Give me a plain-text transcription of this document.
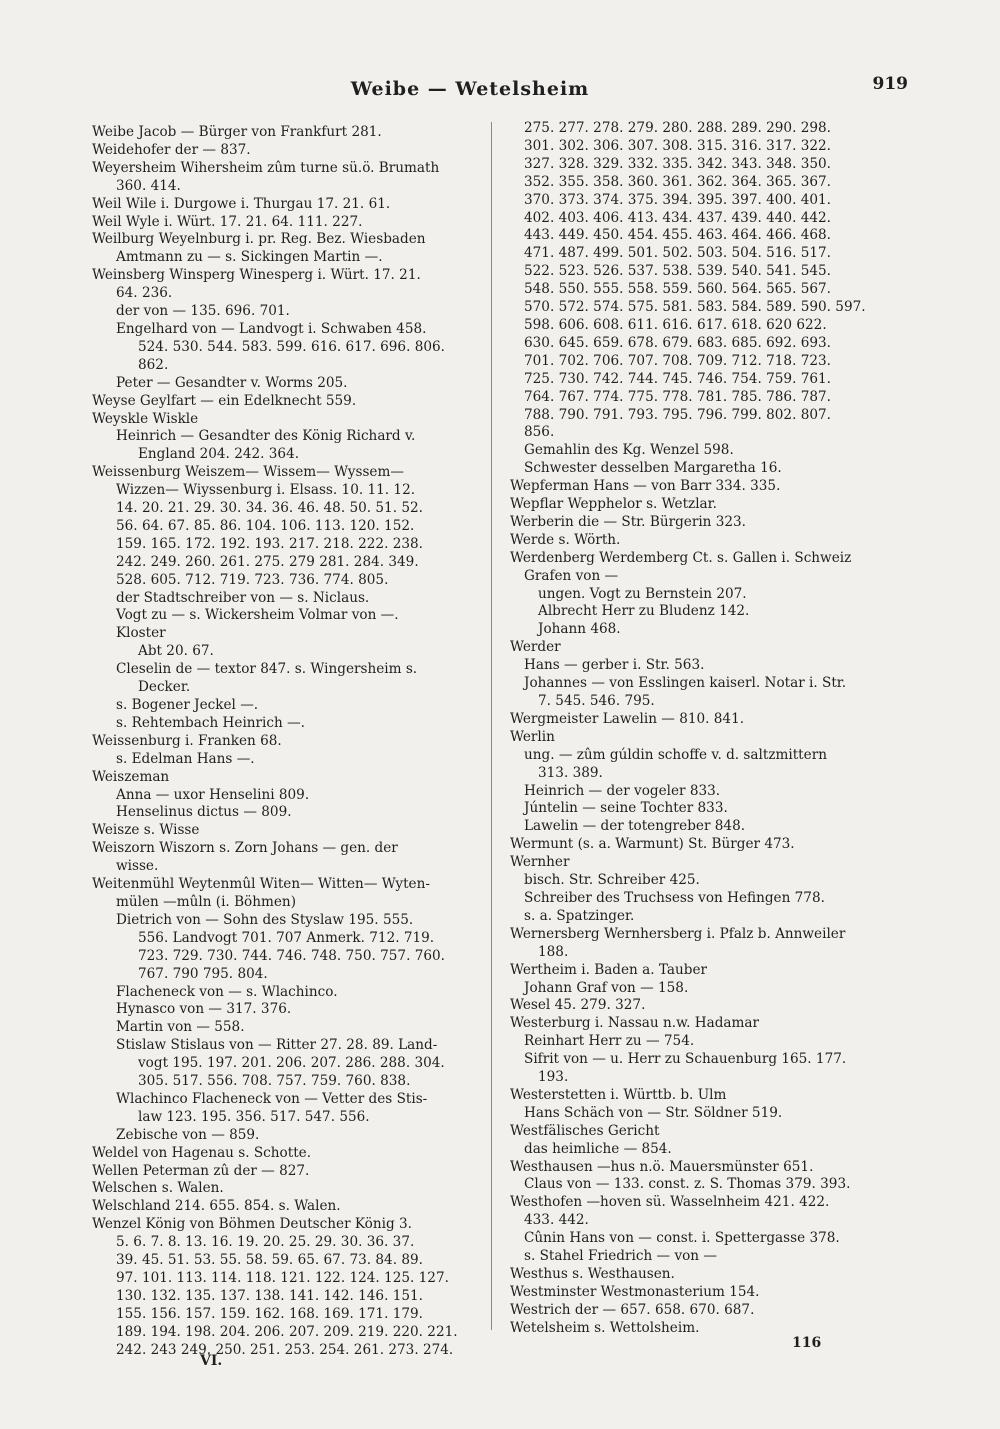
Weibe — Wetelsheim	919
Weibe Jacob — Bürger von Frankfurt 281.
Weidehofer der — 837.
Weyersheim Wihersheim zûm turne sü.ö. Brumath
360. 414.
Weil Wile i. Durgowe i. Thurgau 17. 21. 61.
Weil Wyle i. Würt. 17. 21. 64. 111. 227.
Weilburg Weyelnburg i. pr. Reg. Bez. Wiesbaden
Amtmann zu — s. Sickingen Martin —.
Weinsberg Winsperg Winesperg i. Würt. 17. 21.
64. 236.
der von — 135. 696. 701.
Engelhard von — Landvogt i. Schwaben 458.
524. 530. 544. 583. 599. 616. 617. 696. 806.
862.
Peter — Gesandter v. Worms 205.
Weyse Geylfart — ein Edelknecht 559.
Weyskle Wiskle
Heinrich — Gesandter des König Richard v.
England 204. 242. 364.
Weissenburg Weiszem— Wissem— Wyssem—
Wizzen— Wiyssenburg i. Elsass. 10. 11. 12.
14. 20. 21. 29. 30. 34. 36. 46. 48. 50. 51. 52.
56. 64. 67. 85. 86. 104. 106. 113. 120. 152.
159. 165. 172. 192. 193. 217. 218. 222. 238.
242. 249. 260. 261. 275. 279 281. 284. 349.
528. 605. 712. 719. 723. 736. 774. 805.
der Stadtschreiber von — s. Niclaus.
Vogt zu — s. Wickersheim Volmar von —.
Kloster
Abt 20. 67.
Cleselin de — textor 847. s. Wingersheim s.
Decker.
s. Bogener Jeckel —.
s. Rehtembach Heinrich —.
Weissenburg i. Franken 68.
s. Edelman Hans —.
Weiszeman
Anna — uxor Henselini 809.
Henselinus dictus — 809.
Weisze s. Wisse
Weiszorn Wiszorn s. Zorn Johans — gen. der
wisse.
Weitenmühl Weytenmûl Witen— Witten— Wyten-
mülen —mûln (i. Böhmen)
Dietrich von — Sohn des Styslaw 195. 555.
556. Landvogt 701. 707 Anmerk. 712. 719.
723. 729. 730. 744. 746. 748. 750. 757. 760.
767. 790 795. 804.
Flacheneck von — s. Wlachinco.
Hynasco von — 317. 376.
Martin von — 558.
Stislaw Stislaus von — Ritter 27. 28. 89. Land-
vogt 195. 197. 201. 206. 207. 286. 288. 304.
305. 517. 556. 708. 757. 759. 760. 838.
Wlachinco Flacheneck von — Vetter des Stis-
law 123. 195. 356. 517. 547. 556.
Zebische von — 859.
Weldel von Hagenau s. Schotte.
Wellen Peterman zû der — 827.
Welschen s. Walen.
Welschland 214. 655. 854. s. Walen.
Wenzel König von Böhmen Deutscher König 3.
5. 6. 7. 8. 13. 16. 19. 20. 25. 29. 30. 36. 37.
39. 45. 51. 53. 55. 58. 59. 65. 67. 73. 84. 89.
97. 101. 113. 114. 118. 121. 122. 124. 125. 127.
130. 132. 135. 137. 138. 141. 142. 146. 151.
155. 156. 157. 159. 162. 168. 169. 171. 179.
189. 194. 198. 204. 206. 207. 209. 219. 220. 221.
242. 243 249. 250. 251. 253. 254. 261. 273. 274.
275. 277. 278. 279. 280. 288. 289. 290. 298.
301. 302. 306. 307. 308. 315. 316. 317. 322.
327. 328. 329. 332. 335. 342. 343. 348. 350.
352. 355. 358. 360. 361. 362. 364. 365. 367.
370. 373. 374. 375. 394. 395. 397. 400. 401.
402. 403. 406. 413. 434. 437. 439. 440. 442.
443. 449. 450. 454. 455. 463. 464. 466. 468.
471. 487. 499. 501. 502. 503. 504. 516. 517.
522. 523. 526. 537. 538. 539. 540. 541. 545.
548. 550. 555. 558. 559. 560. 564. 565. 567.
570. 572. 574. 575. 581. 583. 584. 589. 590. 597.
598. 606. 608. 611. 616. 617. 618. 620 622.
630. 645. 659. 678. 679. 683. 685. 692. 693.
701. 702. 706. 707. 708. 709. 712. 718. 723.
725. 730. 742. 744. 745. 746. 754. 759. 761.
764. 767. 774. 775. 778. 781. 785. 786. 787.
788. 790. 791. 793. 795. 796. 799. 802. 807.
856.
Gemahlin des Kg. Wenzel 598.
Schwester desselben Margaretha 16.
Wepferman Hans — von Barr 334. 335.
Wepflar Wepphelor s. Wetzlar.
Werberin die — Str. Bürgerin 323.
Werde s. Wörth.
Werdenberg Werdemberg Ct. s. Gallen i. Schweiz
Grafen von —
ungen. Vogt zu Bernstein 207.
Albrecht Herr zu Bludenz 142.
Johann 468.
Werder
Hans — gerber i. Str. 563.
Johannes — von Esslingen kaiserl. Notar i. Str.
7. 545. 546. 795.
Wergmeister Lawelin — 810. 841.
Werlin
ung. — zûm gúldin schoffe v. d. saltzmittern
313. 389.
Heinrich — der vogeler 833.
Júntelin — seine Tochter 833.
Lawelin — der totengreber 848.
Wermunt (s. a. Warmunt) St. Bürger 473.
Wernher
bisch. Str. Schreiber 425.
Schreiber des Truchsess von Hefingen 778.
s. a. Spatzinger.
Wernersberg Wernhersberg i. Pfalz b. Annweiler
188.
Wertheim i. Baden a. Tauber
Johann Graf von — 158.
Wesel 45. 279. 327.
Westerburg i. Nassau n.w. Hadamar
Reinhart Herr zu — 754.
Sifrit von — u. Herr zu Schauenburg 165. 177.
193.
Westerstetten i. Württb. b. Ulm
Hans Schäch von — Str. Söldner 519.
Westfälisches Gericht
das heimliche — 854.
Westhausen —hus n.ö. Mauersmünster 651.
Claus von — 133. const. z. S. Thomas 379. 393.
Westhofen —hoven sü. Wasselnheim 421. 422.
433. 442.
Cûnin Hans von — const. i. Spettergasse 378.
s. Stahel Friedrich — von —
Westhus s. Westhausen.
Westminster Westmonasterium 154.
Westrich der — 657. 658. 670. 687.
Wetelsheim s. Wettolsheim.
VI.
116
